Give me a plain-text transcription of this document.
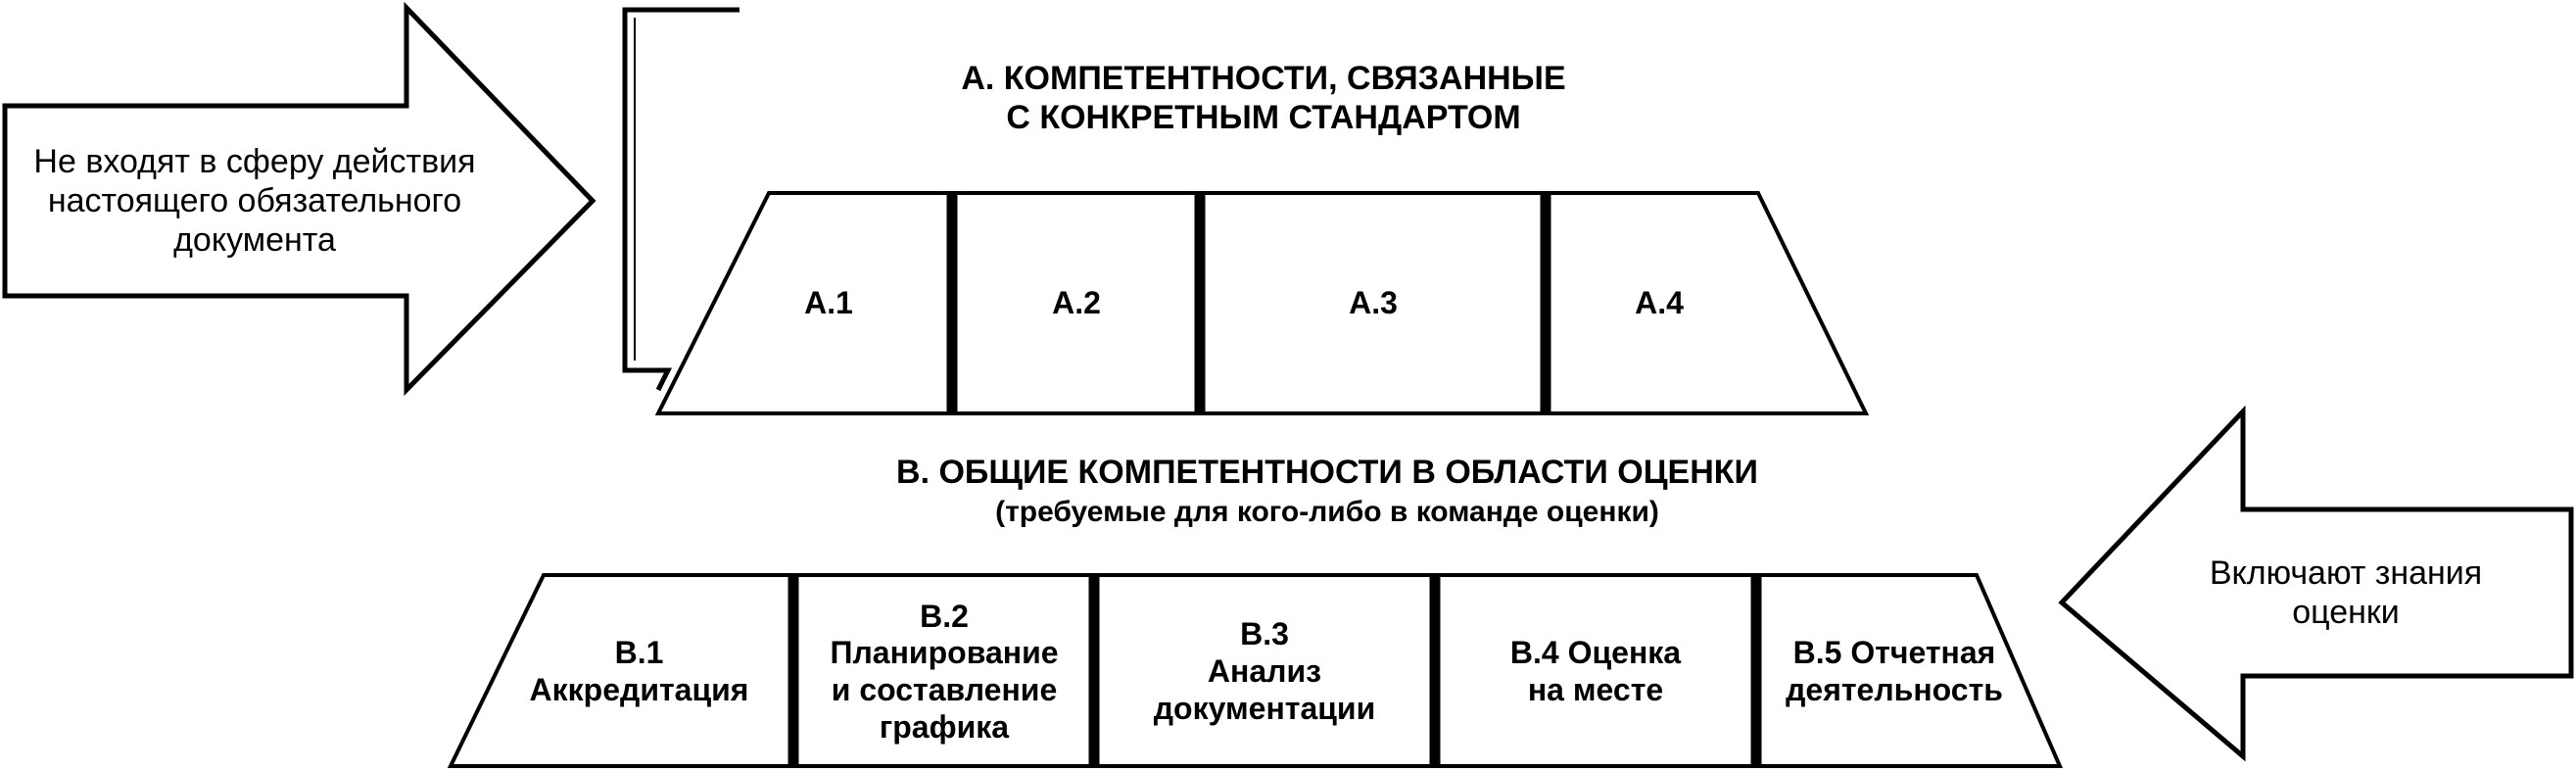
Не входят в сферу действия
настоящего обязательного
документа
Включают знания
оценки
А. КОМПЕТЕНТНОСТИ, СВЯЗАННЫЕ
С КОНКРЕТНЫМ СТАНДАРТОМ
А.1	А.2	А.3	А.4
В. ОБЩИЕ КОМПЕТЕНТНОСТИ В ОБЛАСТИ ОЦЕНКИ
(требуемые для кого-либо в команде оценки)
В.1
Аккредитация
В.2
Планирование
и составление
графика
В.3
Анализ
документации
В.4 Оценка
на месте
В.5 Отчетная
деятельность
